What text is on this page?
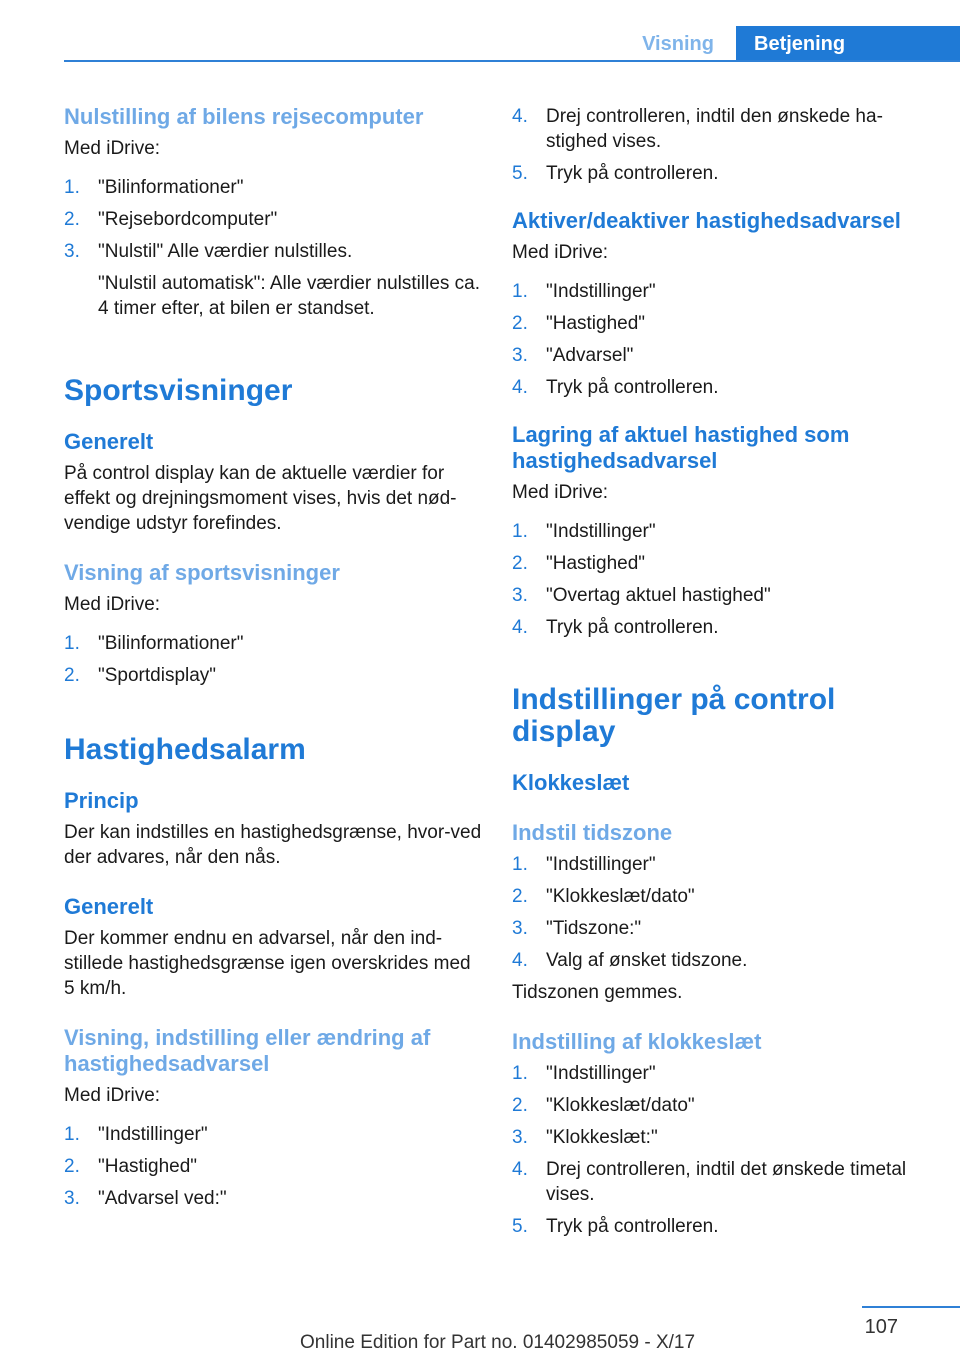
Visning	Betjening
Nulstilling af bilens rejsecomputer

Med iDrive:

1. "Bilinformationer"
2. "Rejsebordcomputer"
3. "Nulstil" Alle værdier nulstilles.

"Nulstil automatisk": Alle værdier nulstilles ca. 4 timer efter, at bilen er standset.

Sportsvisninger
Generelt

På control display kan de aktuelle værdier for effekt og drejningsmoment vises, hvis det nød-vendige udstyr forefindes.

Visning af sportsvisninger

Med iDrive:

1. "Bilinformationer"
2. "Sportdisplay"
Hastighedsalarm
Princip

Der kan indstilles en hastighedsgrænse, hvor-ved der advares, når den nås.

Generelt

Der kommer endnu en advarsel, når den ind-stillede hastighedsgrænse igen overskrides med 5 km/h.

Visning, indstilling eller ændring af hastighedsadvarsel

Med iDrive:

1. "Indstillinger"
2. "Hastighed"
3. "Advarsel ved:"
4. Drej controlleren, indtil den ønskede ha-stighed vises.
5. Tryk på controlleren.
Aktiver/deaktiver hastighedsadvarsel

Med iDrive:

1. "Indstillinger"
2. "Hastighed"
3. "Advarsel"
4. Tryk på controlleren.
Lagring af aktuel hastighed som hastighedsadvarsel

Med iDrive:

1. "Indstillinger"
2. "Hastighed"
3. "Overtag aktuel hastighed"
4. Tryk på controlleren.
Indstillinger på control display
Klokkeslæt
Indstil tidszone
1. "Indstillinger"
2. "Klokkeslæt/dato"
3. "Tidszone:"
4. Valg af ønsket tidszone.

Tidszonen gemmes.

Indstilling af klokkeslæt
1. "Indstillinger"
2. "Klokkeslæt/dato"
3. "Klokkeslæt:"
4. Drej controlleren, indtil det ønskede timetal vises.
5. Tryk på controlleren.
107
Online Edition for Part no. 01402985059 - X/17
